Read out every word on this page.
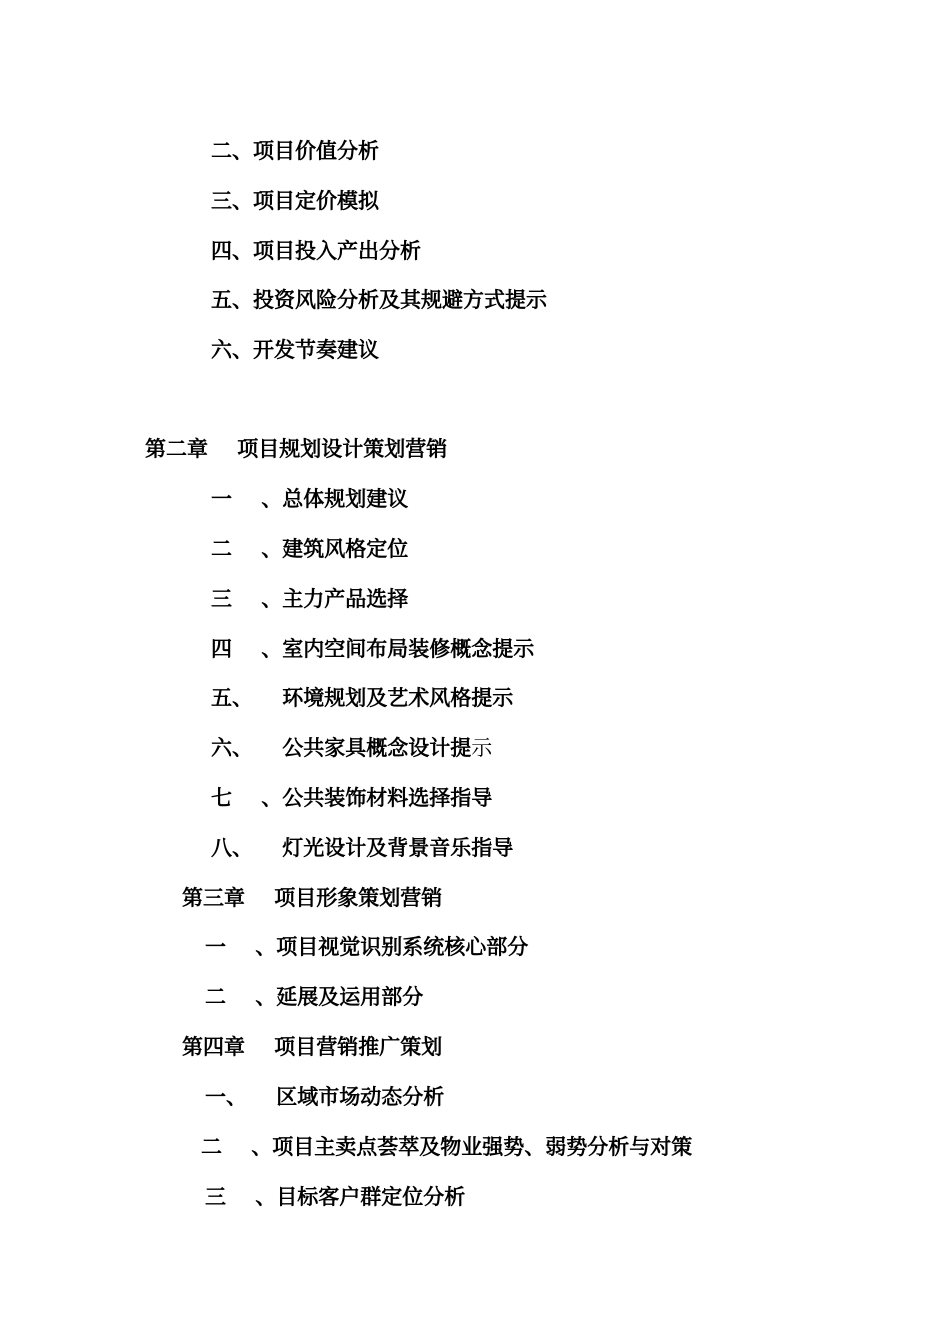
二、项目价值分析
三、项目定价模拟
四、项目投入产出分析
五、投资风险分析及其规避方式提示
六、开发节奏建议
第二章    项目规划设计策划营销
一    、总体规划建议
二    、建筑风格定位
三    、主力产品选择
四    、室内空间布局装修概念提示
五、    环境规划及艺术风格提示
六、    公共家具概念设计提示
七    、公共装饰材料选择指导
八、    灯光设计及背景音乐指导
第三章    项目形象策划营销
一    、项目视觉识别系统核心部分
二    、延展及运用部分
第四章    项目营销推广策划
一、    区域市场动态分析
二    、项目主卖点荟萃及物业强势、弱势分析与对策
三    、目标客户群定位分析
